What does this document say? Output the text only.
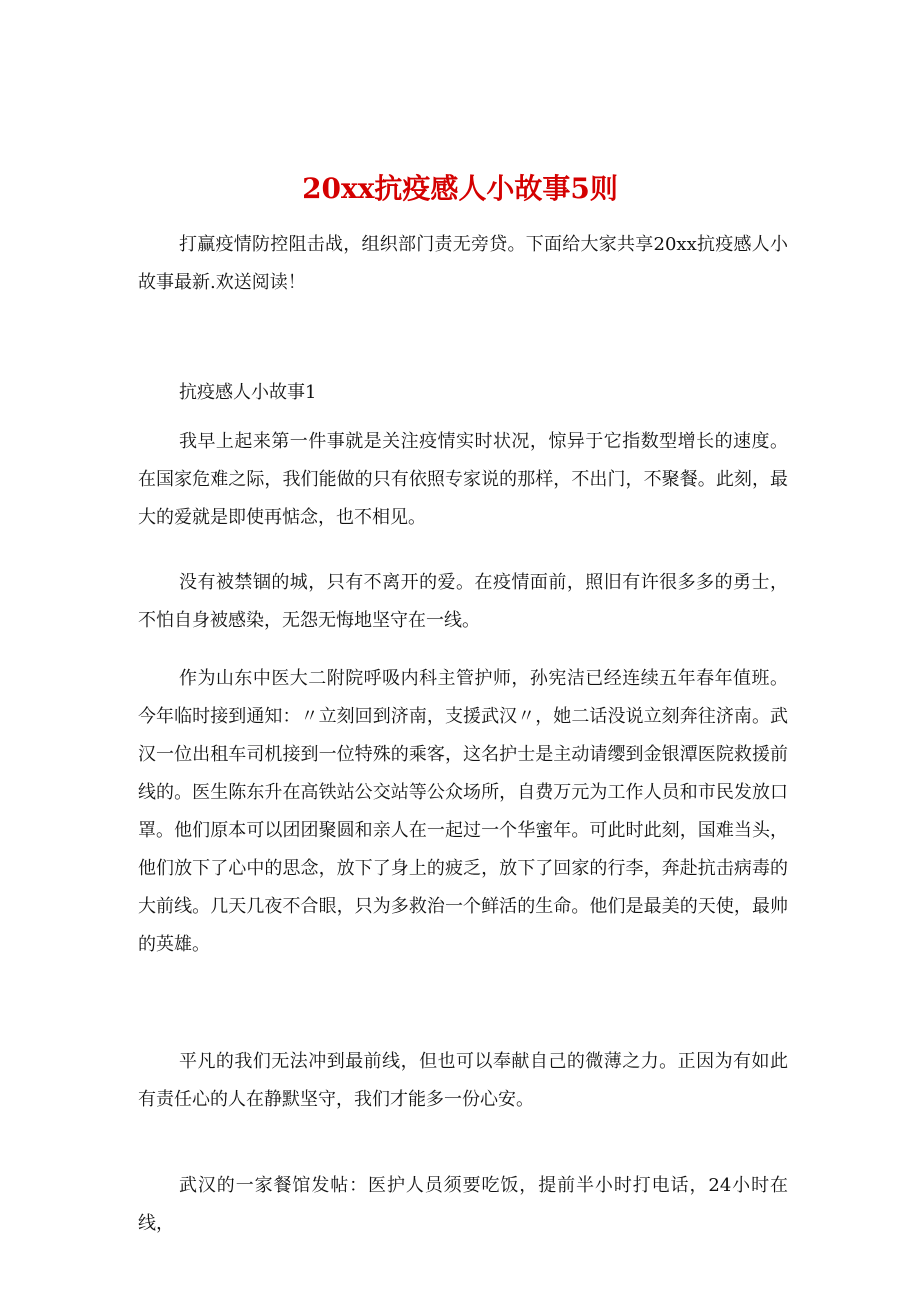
20xx抗疫感人小故事5则

打赢疫情防控阻击战，组织部门责无旁贷。下面给大家共享20xx抗疫感人小故事最新.欢送阅读！

抗疫感人小故事1

我早上起来第一件事就是关注疫情实时状况，惊异于它指数型增长的速度。在国家危难之际，我们能做的只有依照专家说的那样，不出门，不聚餐。此刻，最大的爱就是即使再惦念，也不相见。

没有被禁锢的城，只有不离开的爱。在疫情面前，照旧有许很多多的勇士，不怕自身被感染，无怨无悔地坚守在一线。

作为山东中医大二附院呼吸内科主管护师，孙宪洁已经连续五年春年值班。今年临时接到通知：〃立刻回到济南，支援武汉〃，她二话没说立刻奔往济南。武汉一位出租车司机接到一位特殊的乘客，这名护士是主动请缨到金银潭医院救援前线的。医生陈东升在高铁站公交站等公众场所，自费万元为工作人员和市民发放口罩。他们原本可以团团聚圆和亲人在一起过一个华蜜年。可此时此刻，国难当头，他们放下了心中的思念，放下了身上的疲乏，放下了回家的行李，奔赴抗击病毒的大前线。几天几夜不合眼，只为多救治一个鲜活的生命。他们是最美的天使，最帅的英雄。

平凡的我们无法冲到最前线，但也可以奉献自己的微薄之力。正因为有如此有责任心的人在静默坚守，我们才能多一份心安。

武汉的一家餐馆发帖：医护人员须要吃饭，提前半小时打电话，24小时在线，
